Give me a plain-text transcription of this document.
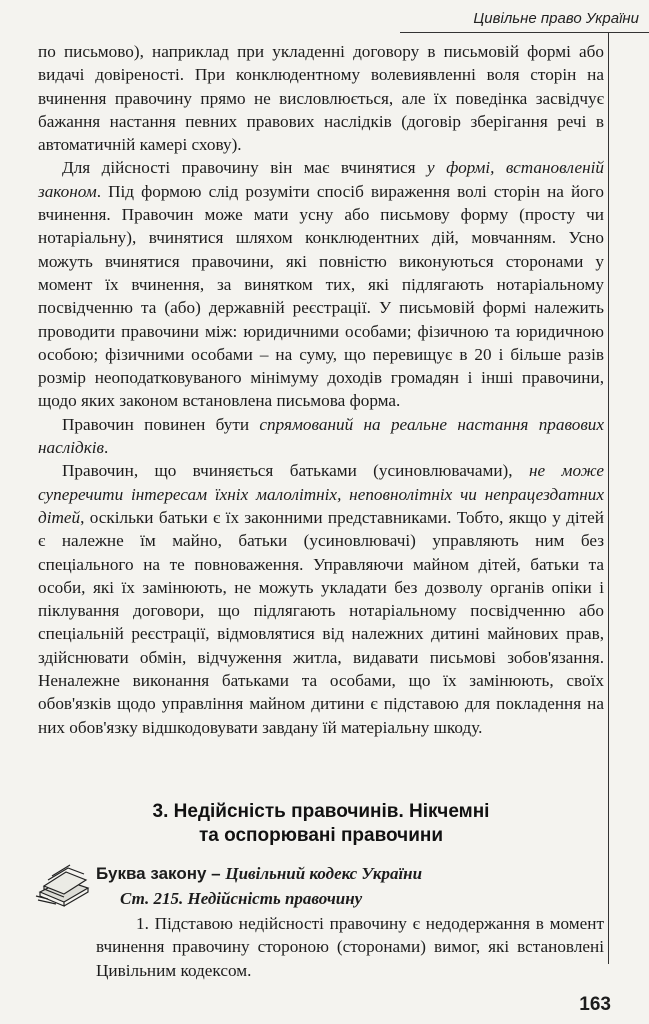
Цивільне право України

по письмово), наприклад при укладенні договору в письмовій формі або видачі довіреності. При конклюдентному волевиявленні воля сторін на вчинення правочину прямо не висловлюється, але їх поведінка засвідчує бажання настання певних правових наслідків (договір зберігання речі в автоматичній камері схову).

Для дійсності правочину він має вчинятися у формі, встановленій законом. Під формою слід розуміти спосіб вираження волі сторін на його вчинення. Правочин може мати усну або письмову форму (просту чи нотаріальну), вчинятися шляхом конклюдентних дій, мовчанням. Усно можуть вчинятися правочини, які повністю виконуються сторонами у момент їх вчинення, за винятком тих, які підлягають нотаріальному посвідченню та (або) державній реєстрації. У письмовій формі належить проводити правочини між: юридичними особами; фізичною та юридичною особою; фізичними особами – на суму, що перевищує в 20 і більше разів розмір неоподатковуваного мінімуму доходів громадян і інші правочини, щодо яких законом встановлена письмова форма.

Правочин повинен бути спрямований на реальне настання правових наслідків.

Правочин, що вчиняється батьками (усиновлювачами), не може суперечити інтересам їхніх малолітніх, неповнолітніх чи непрацездатних дітей, оскільки батьки є їх законними представниками. Тобто, якщо у дітей є належне їм майно, батьки (усиновлювачі) управляють ним без спеціального на те повноваження. Управляючи майном дітей, батьки та особи, які їх замінюють, не можуть укладати без дозволу органів опіки і піклування договори, що підлягають нотаріальному посвідченню або спеціальній реєстрації, відмовлятися від належних дитині майнових прав, здійснювати обмін, відчуження житла, видавати письмові зобов'язання. Неналежне виконання батьками та особами, що їх замінюють, своїх обов'язків щодо управління майном дитини є підставою для покладення на них обов'язку відшкодовувати завдану їй матеріальну шкоду.

3. Недійсність правочинів. Нікчемні
та оспорювані правочини
Буква закону – Цивільний кодекс України
Ст. 215. Недійсність правочину

1. Підставою недійсності правочину є недодержання в момент вчинення правочину стороною (сторонами) вимог, які встановлені Цивільним кодексом.

163
